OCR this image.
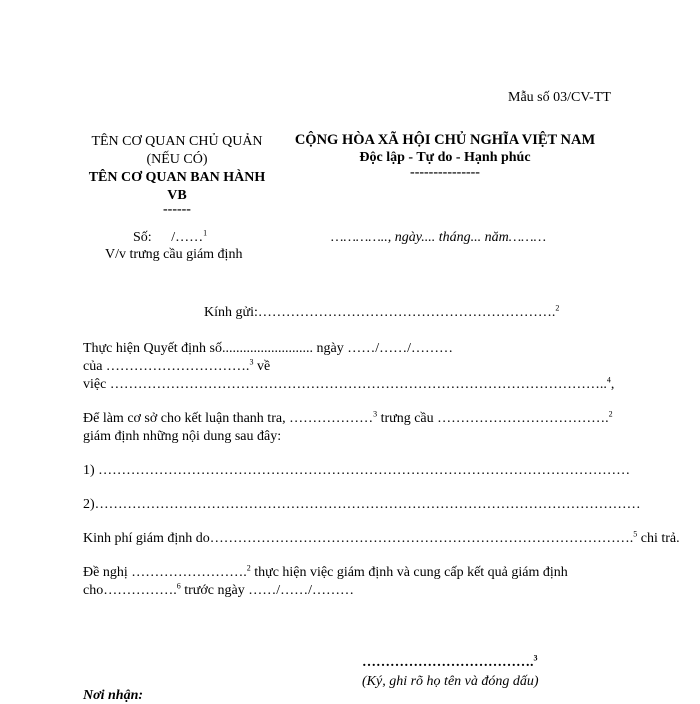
Mẫu số 03/CV-TT
TÊN CƠ QUAN CHỦ QUẢN
(NẾU CÓ)
TÊN CƠ QUAN BAN HÀNH
VB
------
CỘNG HÒA XÃ HỘI CHỦ NGHĨA VIỆT NAM
Độc lập - Tự do - Hạnh phúc
---------------
Số: /……$^1$	………….., ngày.... tháng... năm………
V/v trưng cầu giám định
Kính gửi:……………………………………………………….$^2$
Thực hiện Quyết định số.......................... ngày ……/……/………
của ………………………….$^3$ về
việc ……………………………………………………………………………………………..$^4$,
Để làm cơ sở cho kết luận thanh tra, ………………$^3$ trưng cầu ……………………………….$^2$
giám định những nội dung sau đây:
1) ……………………………………………………………………………………………………
2)………………………………………………………………………………………………………
Kinh phí giám định do……………………………………………………………………………….$^5$ chi trả.
Đề nghị …………………….$^2$ thực hiện việc giám định và cung cấp kết quả giám định
cho…………….$^6$ trước ngày ……/……/………
……………………………….$^3$
(Ký, ghi rõ họ tên và đóng dấu)
Nơi nhận:
